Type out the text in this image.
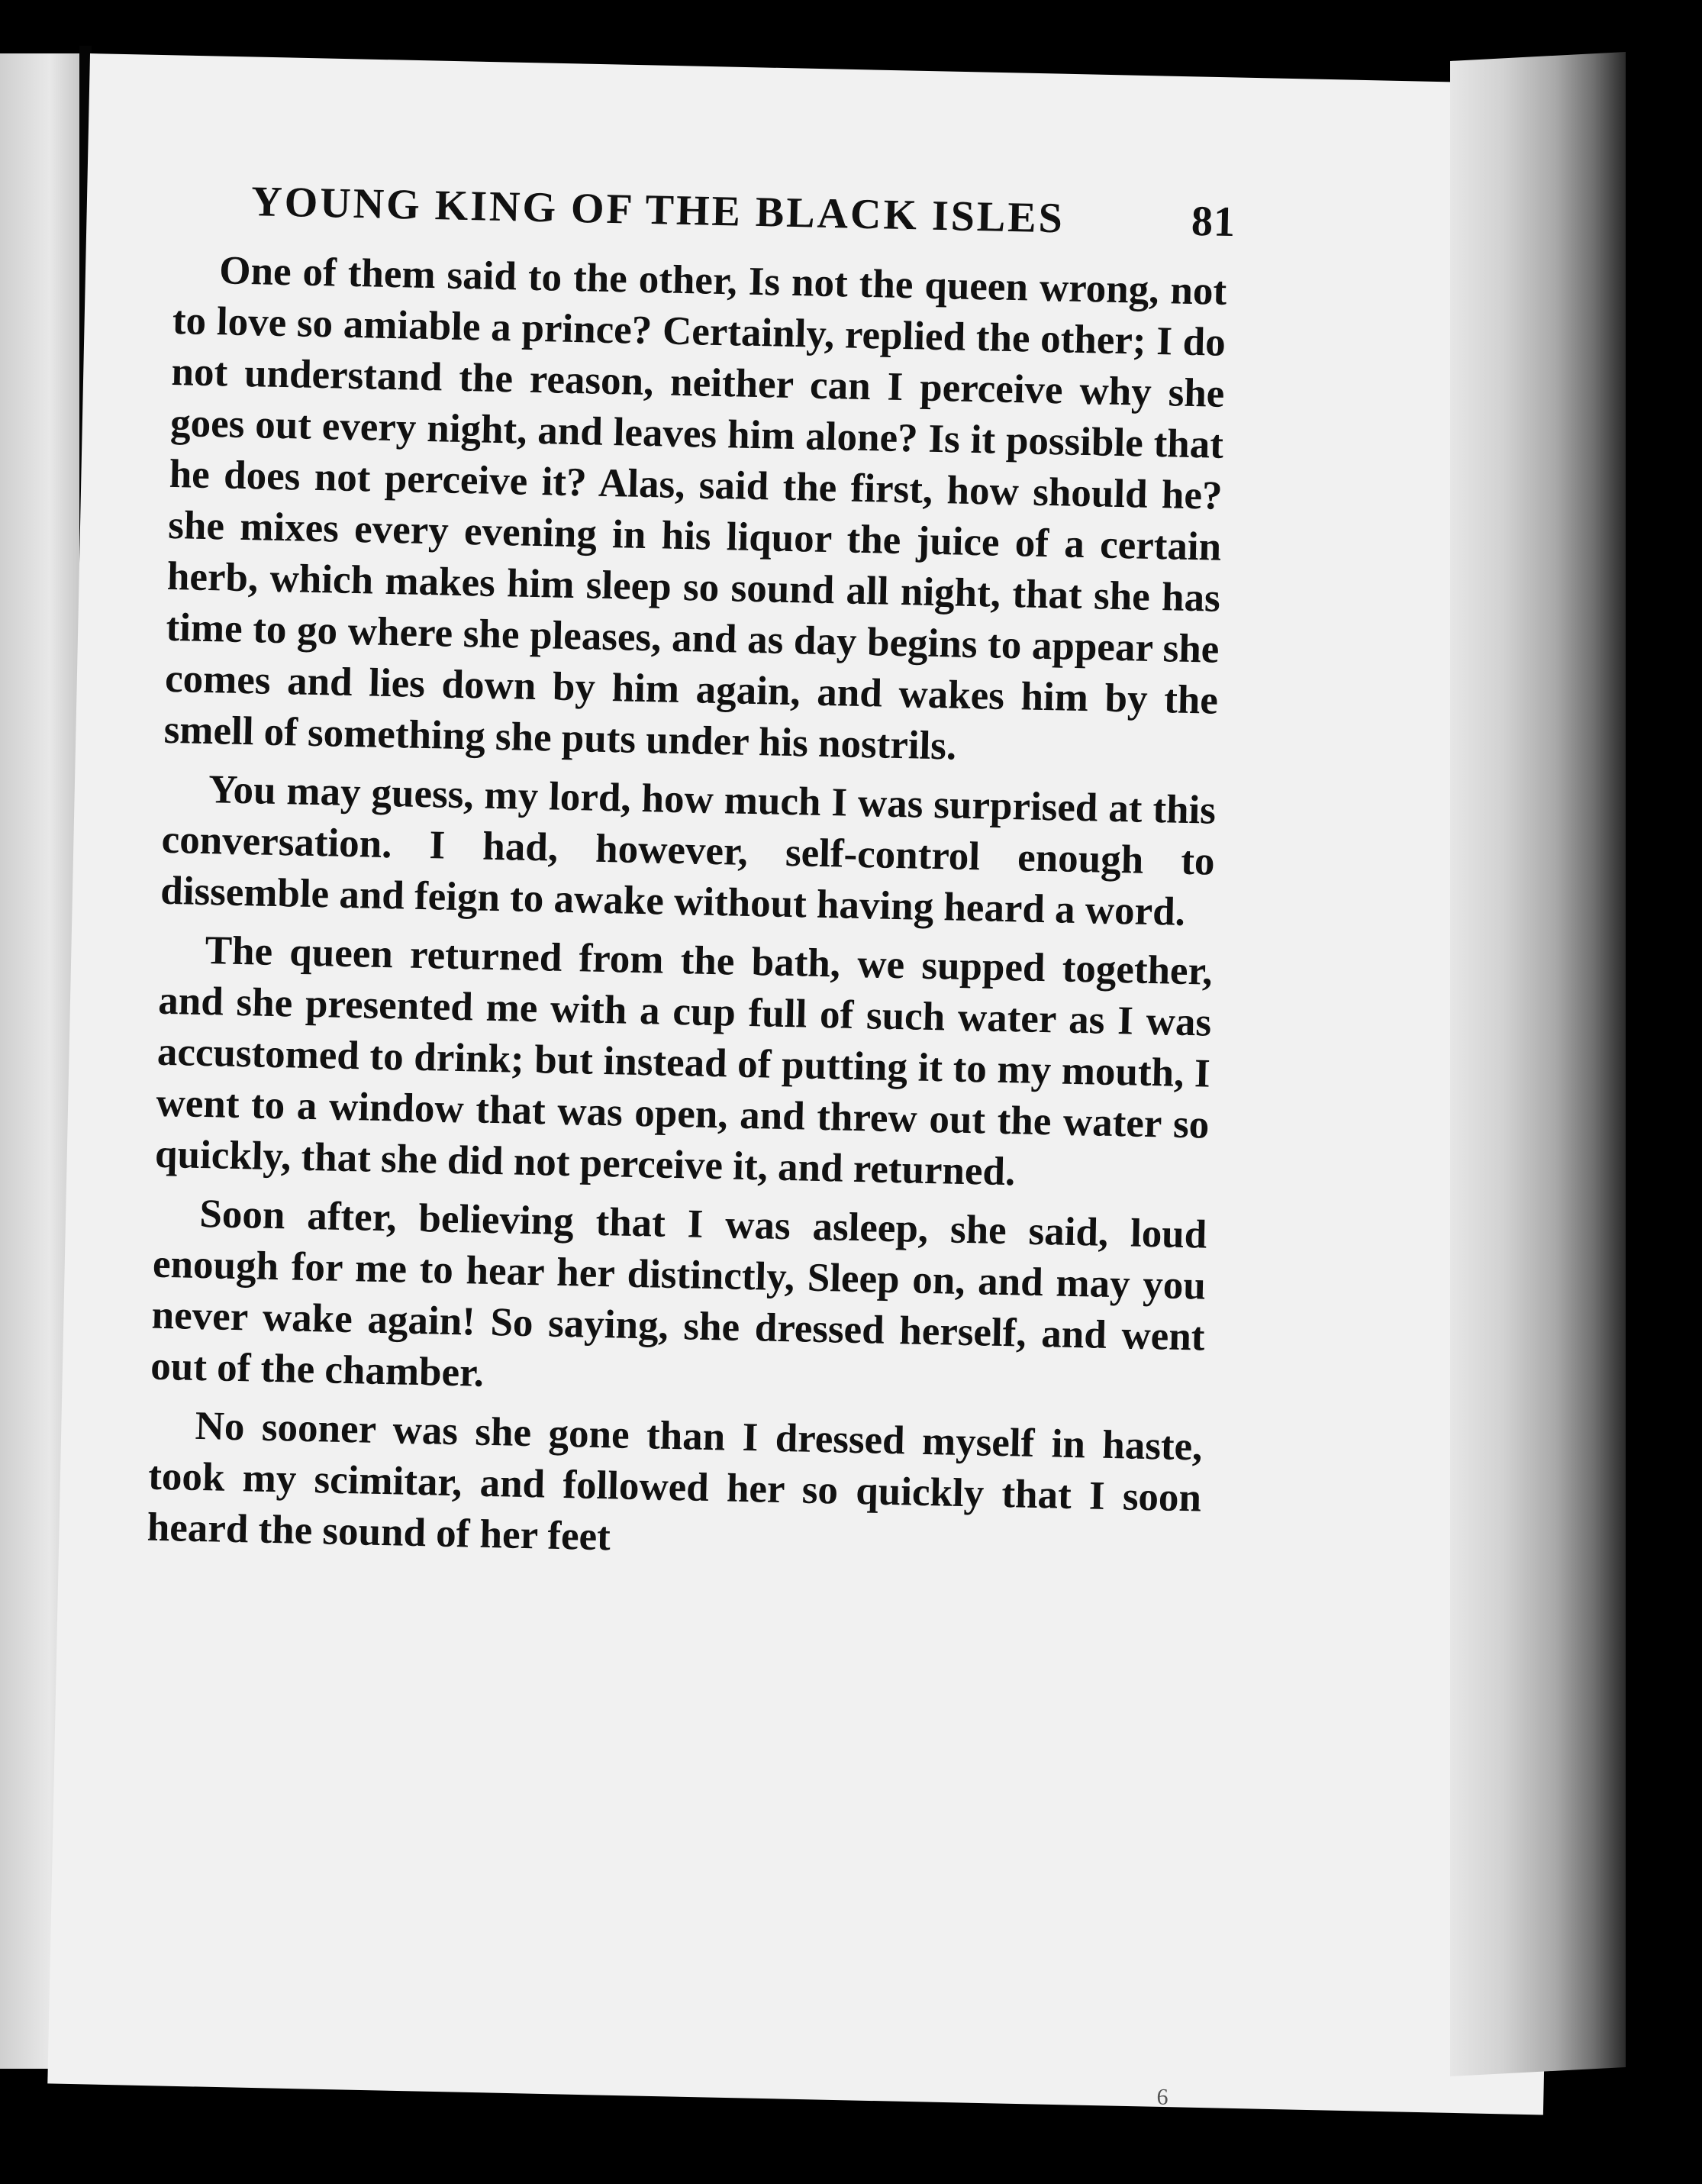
YOUNG KING OF THE BLACK ISLES	81

One of them said to the other, Is not the queen wrong, not to love so amiable a prince? Certainly, replied the other; I do not understand the reason, neither can I perceive why she goes out every night, and leaves him alone? Is it possible that he does not perceive it? Alas, said the first, how should he? she mixes every evening in his liquor the juice of a certain herb, which makes him sleep so sound all night, that she has time to go where she pleases, and as day begins to appear she comes and lies down by him again, and wakes him by the smell of something she puts under his nostrils.

You may guess, my lord, how much I was surprised at this conversation. I had, however, self-control enough to dissemble and feign to awake without having heard a word.

The queen returned from the bath, we supped together, and she presented me with a cup full of such water as I was accustomed to drink; but instead of putting it to my mouth, I went to a window that was open, and threw out the water so quickly, that she did not perceive it, and returned.

Soon after, believing that I was asleep, she said, loud enough for me to hear her distinctly, Sleep on, and may you never wake again! So saying, she dressed herself, and went out of the chamber.

No sooner was she gone than I dressed myself in haste, took my scimitar, and followed her so quickly that I soon heard the sound of her feet

6
